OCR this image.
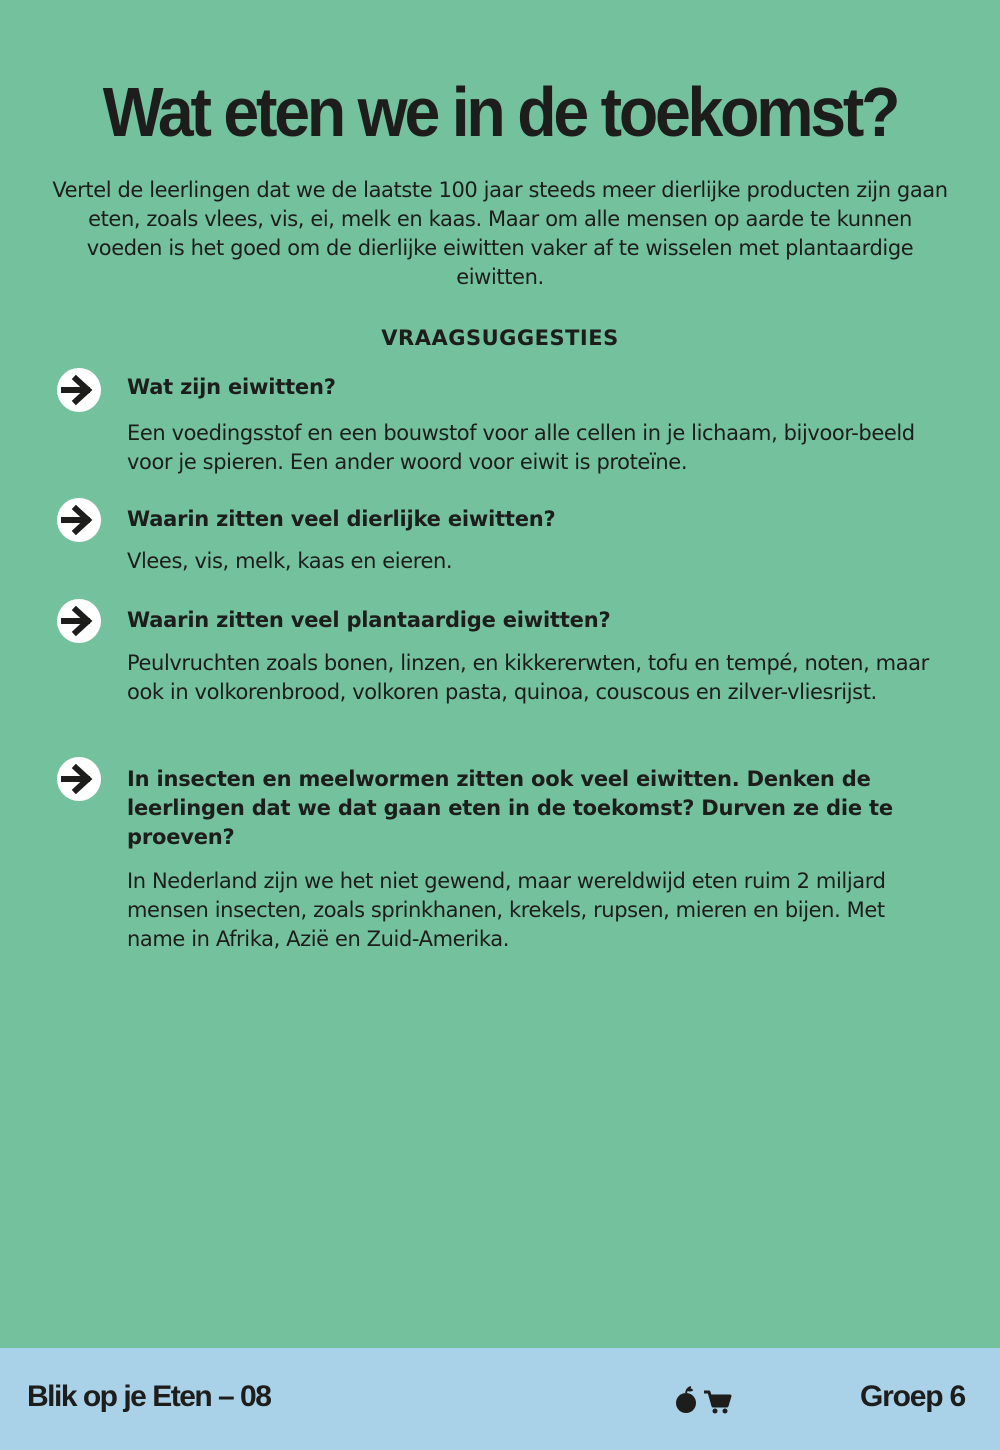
Wat eten we in de toekomst?

Vertel de leerlingen dat we de laatste 100 jaar steeds meer dierlijke producten zijn gaan eten, zoals vlees, vis, ei, melk en kaas. Maar om alle mensen op aarde te kunnen voeden is het goed om de dierlijke eiwitten vaker af te wisselen met plantaardige eiwitten.

VRAAGSUGGESTIES

Wat zijn eiwitten?

Een voedingsstof en een bouwstof voor alle cellen in je lichaam, bijvoor-beeld voor je spieren. Een ander woord voor eiwit is proteïne.

Waarin zitten veel dierlijke eiwitten?

Vlees, vis, melk, kaas en eieren.

Waarin zitten veel plantaardige eiwitten?

Peulvruchten zoals bonen, linzen, en kikkererwten, tofu en tempé, noten, maar ook in volkorenbrood, volkoren pasta, quinoa, couscous en zilver-vliesrijst.

In insecten en meelwormen zitten ook veel eiwitten. Denken de leerlingen dat we dat gaan eten in de toekomst? Durven ze die te proeven?

In Nederland zijn we het niet gewend, maar wereldwijd eten ruim 2 miljard mensen insecten, zoals sprinkhanen, krekels, rupsen, mieren en bijen. Met name in Afrika, Azië en Zuid-Amerika.

Blik op je Eten – 08	Groep 6
